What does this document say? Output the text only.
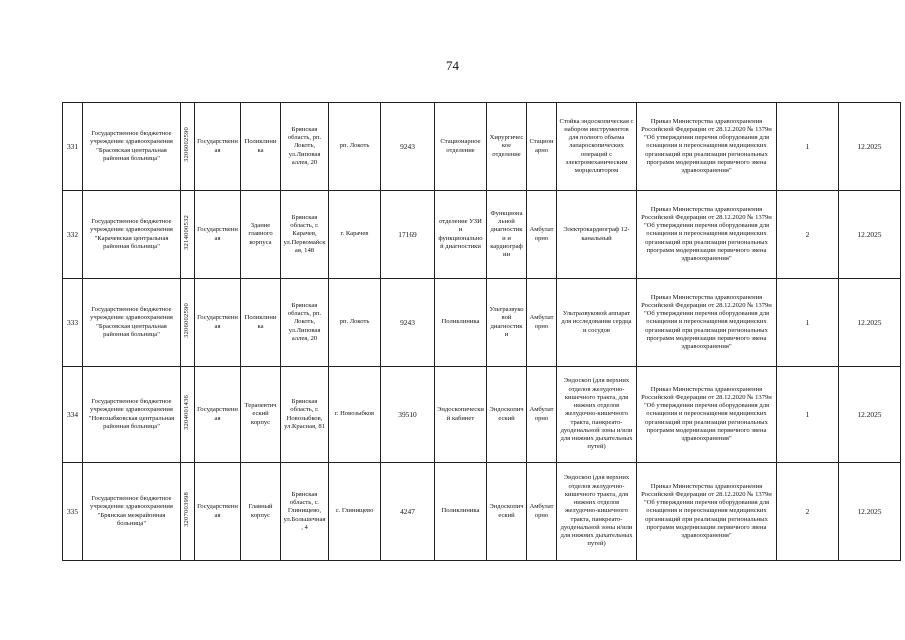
74
331	Государственное бюджетное учреждение здравоохранения "Брасовская центральная районная больница"	3206002590	Государственная	Поликлиника	Брянская область, рп. Локоть, ул.Липовая аллея, 20	рп. Локоть	9243	Стационарное отделение	Хирургическое отделение	Стационарно	Стойка эндоскопическая с набором инструментов для полного объема лапароскопических операций с электромеханическим морцеллятором	Приказ Министерства здравоохранения Российской Федерации от 28.12.2020 № 1379н "Об утверждении перечня оборудования для оснащения и переоснащения медицинских организаций при реализации региональных программ модернизации первичного звена здравоохранения"	1	12.2025
332	Государственное бюджетное учреждение здравоохранения "Карачевская центральная районная больница"	3214000532	Государственная	Здание главного корпуса	Брянская область, г. Карачев, ул.Первомайская, 148	г. Карачев	17169	отделение УЗИ и функциональной диагностики	Функциональной диагностики и кардиографии	Амбулаторно	Электрокардиограф 12-канальный	Приказ Министерства здравоохранения Российской Федерации от 28.12.2020 № 1379н "Об утверждении перечня оборудования для оснащения и переоснащения медицинских организаций при реализации региональных программ модернизации первичного звена здравоохранения"	2	12.2025
333	Государственное бюджетное учреждение здравоохранения "Брасовская центральная районная больница"	3206002590	Государственная	Поликлиника	Брянская область, рп. Локоть, ул.Липовая аллея, 20	рп. Локоть	9243	Поликлиника	Ультразвуковой диагностики	Амбулаторно	Ультразвуковой аппарат для исследования сердца и сосудов	Приказ Министерства здравоохранения Российской Федерации от 28.12.2020 № 1379н "Об утверждении перечня оборудования для оснащения и переоснащения медицинских организаций при реализации региональных программ модернизации первичного звена здравоохранения"	1	12.2025
334	Государственное бюджетное учреждение здравоохранения "Новозыбковская центральная районная больница"	3204001436	Государственная	Терапевтический корпус	Брянская область, г. Новозыбков, ул.Красная, 81	г. Новозыбков	39510	Эндоскопический кабинет	Эндоскопический	Амбулаторно	Эндоскоп (для верхних отделов желудочно-кишечного тракта, для нижних отделов желудочно-кишечного тракта, панкреато-дуоденальной зоны и/или для нижних дыхательных путей)	Приказ Министерства здравоохранения Российской Федерации от 28.12.2020 № 1379н "Об утверждении перечня оборудования для оснащения и переоснащения медицинских организаций при реализации региональных программ модернизации первичного звена здравоохранения"	1	12.2025
335	Государственное бюджетное учреждение здравоохранения "Брянская межрайонная больница"	3207003998	Государственная	Главный корпус	Брянская область, с. Глинищево, ул.Большечная, 4	с. Глинищево	4247	Поликлиника	Эндоскопический	Амбулаторно	Эндоскоп (для верхних отделов желудочно-кишечного тракта, для нижних отделов желудочно-кишечного тракта, панкреато-дуоденальной зоны и/или для нижних дыхательных путей)	Приказ Министерства здравоохранения Российской Федерации от 28.12.2020 № 1379н "Об утверждении перечня оборудования для оснащения и переоснащения медицинских организаций при реализации региональных программ модернизации первичного звена здравоохранения"	2	12.2025
